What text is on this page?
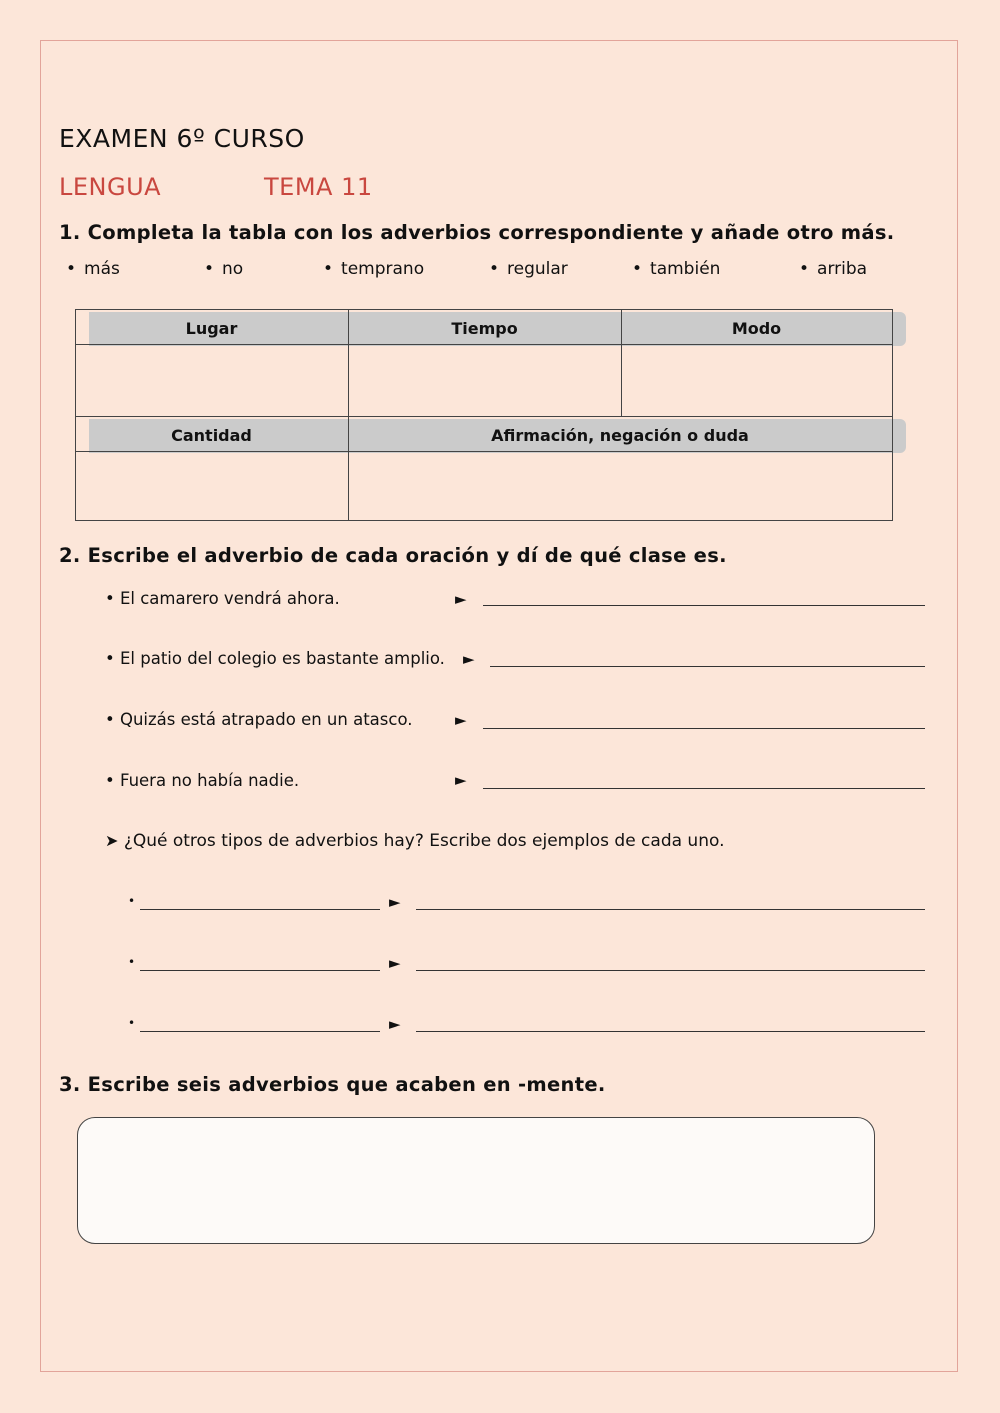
EXAMEN 6º CURSO
LENGUA	TEMA 11
1. Completa la tabla con los adverbios correspondiente y añade otro más.
• más	• no	• temprano	• regular	• también	• arriba
Lugar	Tiempo	Modo
Cantidad	Afirmación, negación o duda
2. Escribe el adverbio de cada oración y dí de qué clase es.
• El camarero vendrá ahora.	►
• El patio del colegio es bastante amplio. ►
• Quizás está atrapado en un atasco.	►
• Fuera no había nadie.	►
➤ ¿Qué otros tipos de adverbios hay? Escribe dos ejemplos de cada uno.
•	►
•	►
•	►
3. Escribe seis adverbios que acaben en -mente.
